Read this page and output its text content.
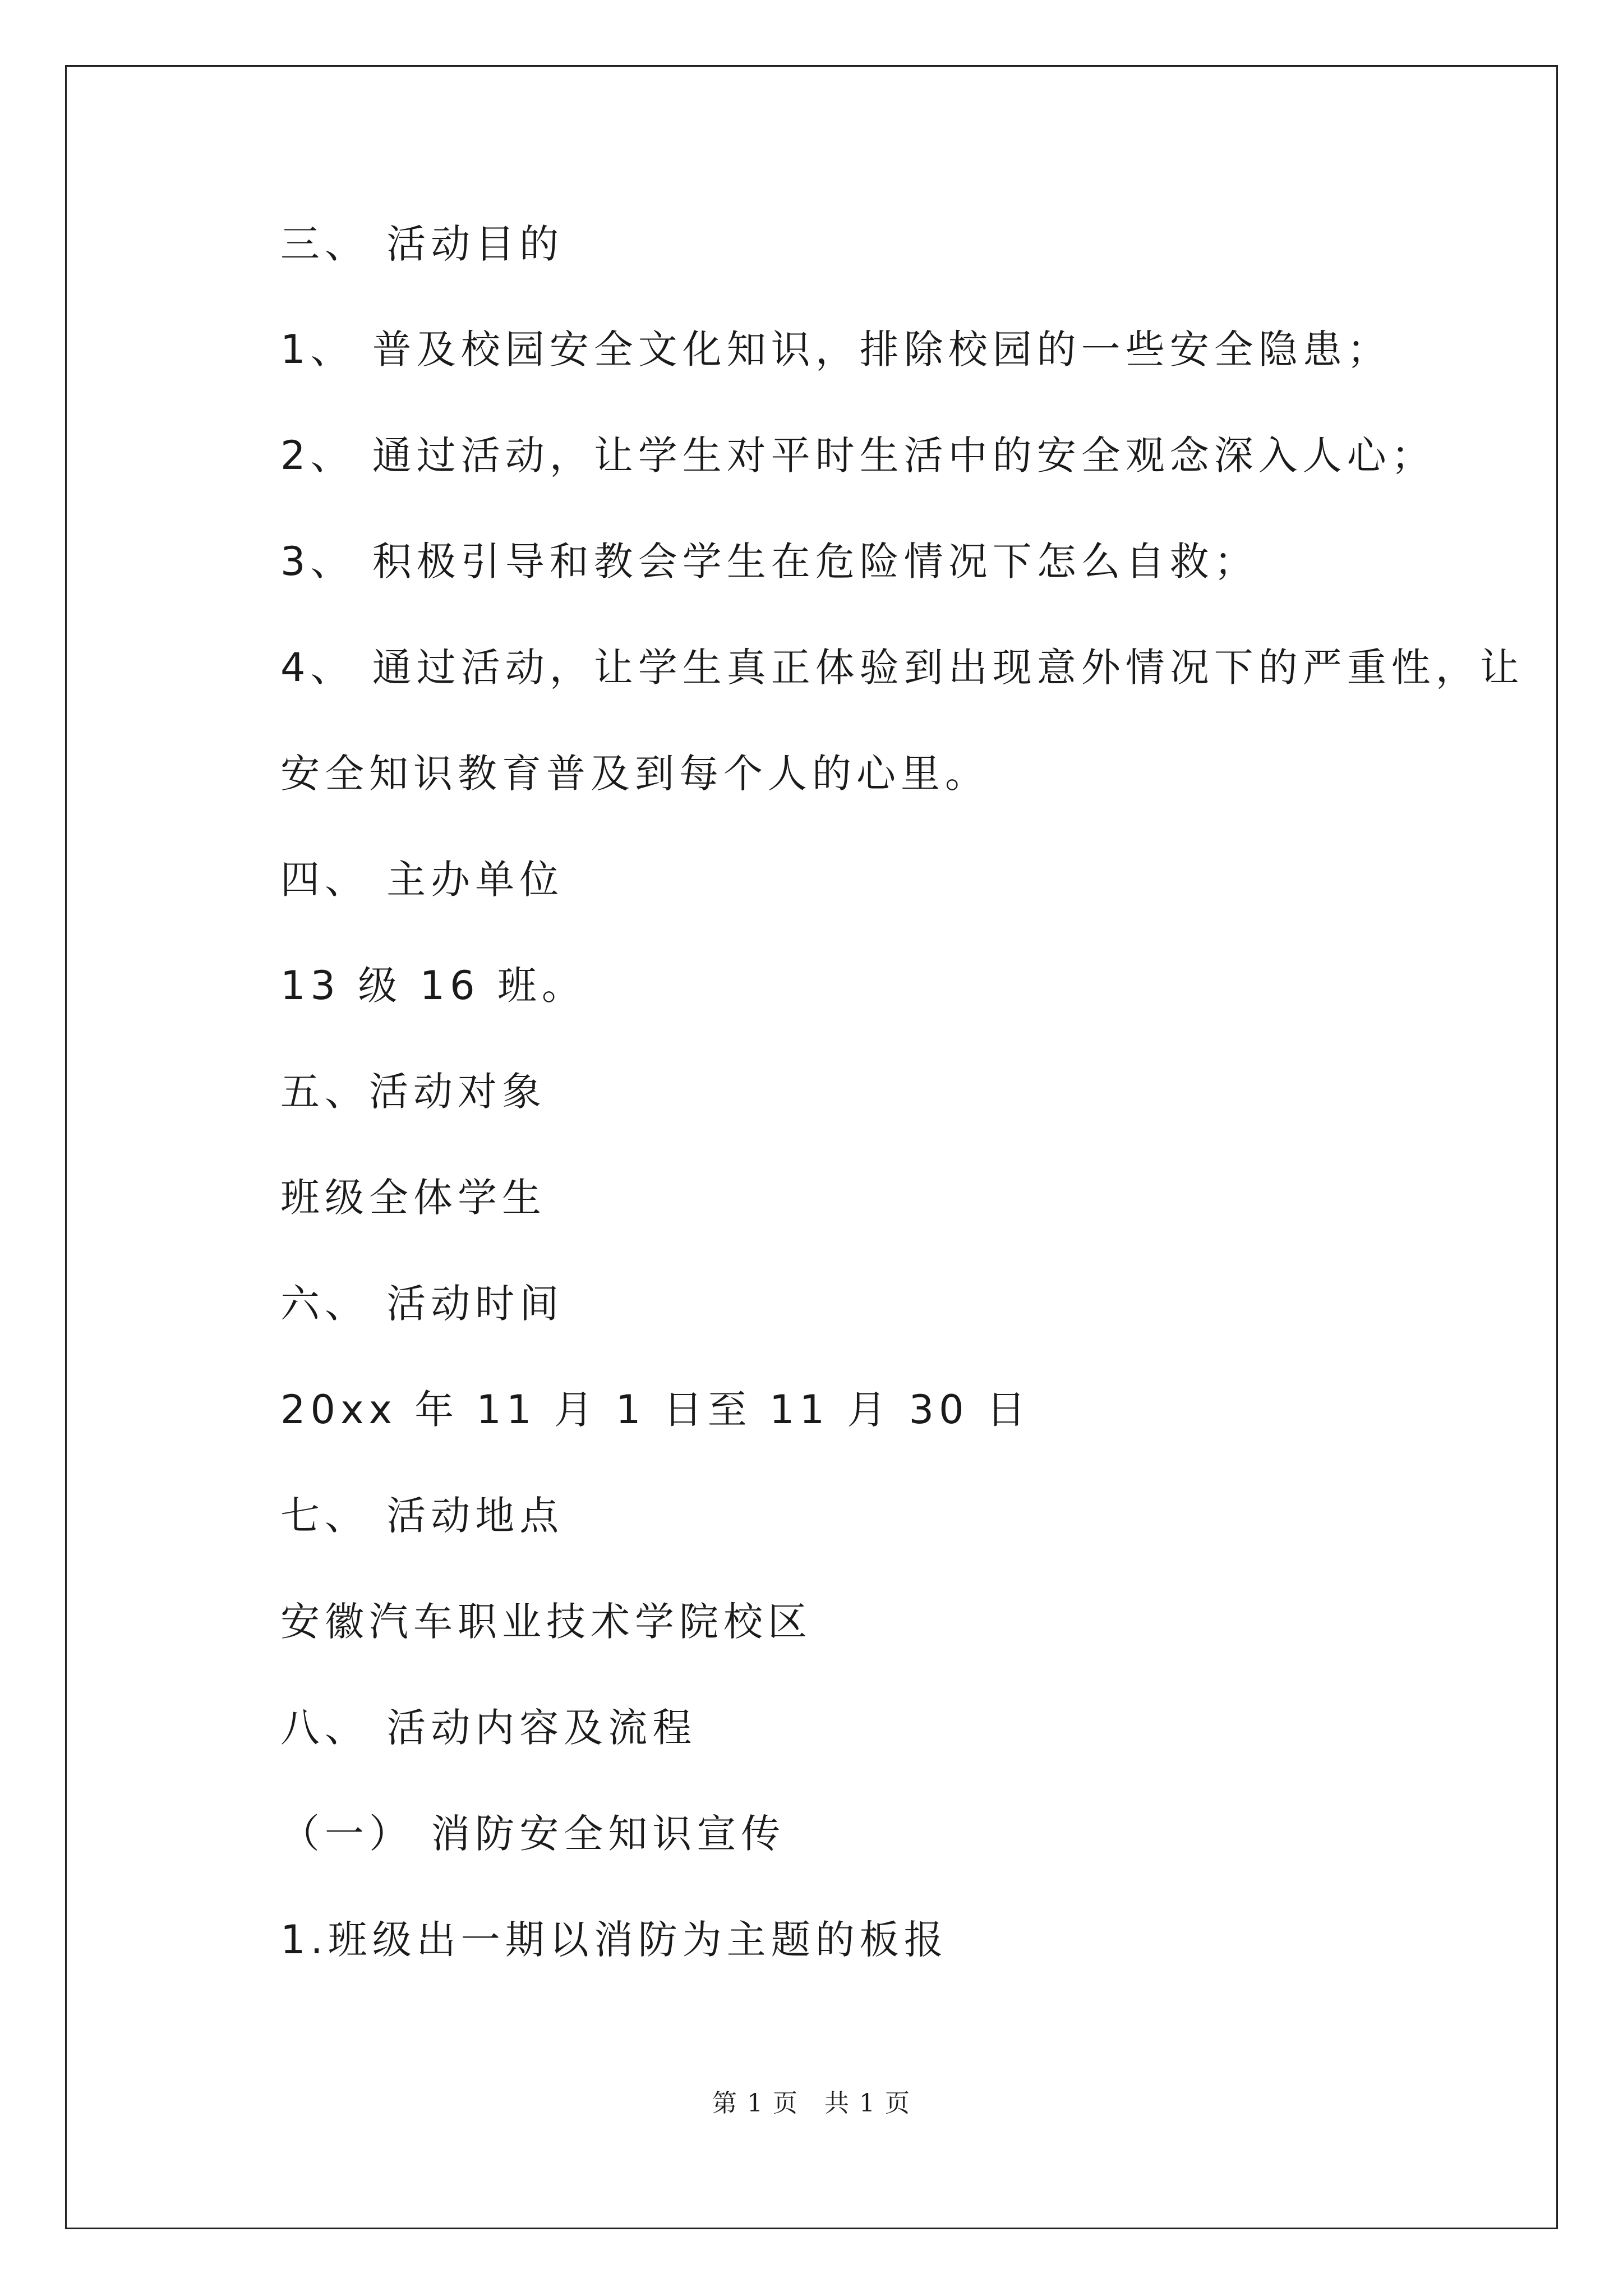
三、 活动目的
1、 普及校园安全文化知识，排除校园的一些安全隐患；
2、 通过活动，让学生对平时生活中的安全观念深入人心；
3、 积极引导和教会学生在危险情况下怎么自救；
4、 通过活动，让学生真正体验到出现意外情况下的严重性，让
安全知识教育普及到每个人的心里。
四、 主办单位
13 级 16 班。
五、活动对象
班级全体学生
六、 活动时间
20xx 年 11 月 1 日至 11 月 30 日
七、 活动地点
安徽汽车职业技术学院校区
八、 活动内容及流程
（一） 消防安全知识宣传
1.班级出一期以消防为主题的板报
第 1 页　共 1 页
